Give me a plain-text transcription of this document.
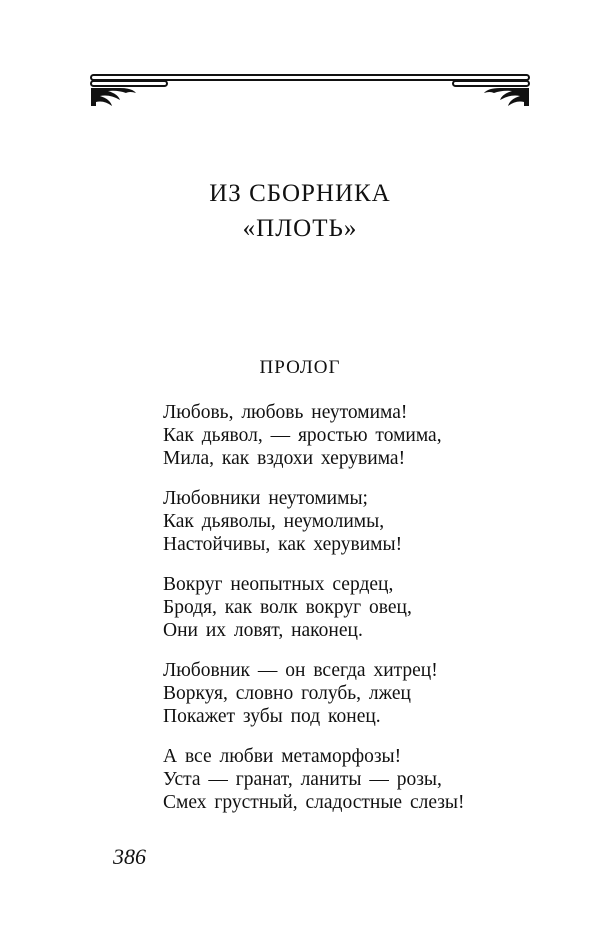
ИЗ СБОРНИКА
«ПЛОТЬ»
ПРОЛОГ
Любовь, любовь неутомима!
Как дьявол, — яростью томима,
Мила, как вздохи херувима!
Любовники неутомимы;
Как дьяволы, неумолимы,
Настойчивы, как херувимы!
Вокруг неопытных сердец,
Бродя, как волк вокруг овец,
Они их ловят, наконец.
Любовник — он всегда хитрец!
Воркуя, словно голубь, лжец
Покажет зубы под конец.
А все любви метаморфозы!
Уста — гранат, ланиты — розы,
Смех грустный, сладостные слезы!
386
